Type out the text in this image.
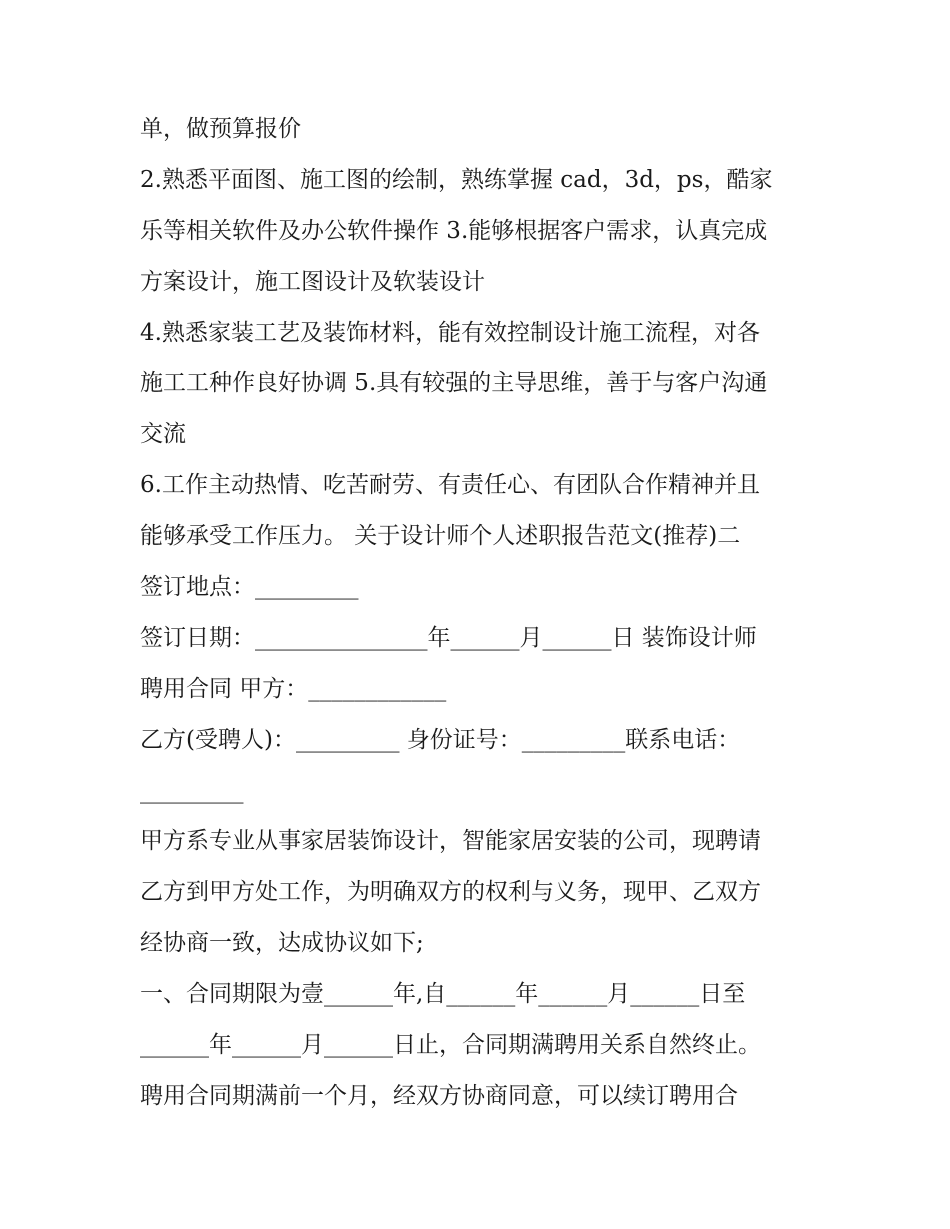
单，做预算报价
2.熟悉平面图、施工图的绘制，熟练掌握 cad，3d，ps，酷家
乐等相关软件及办公软件操作 3.能够根据客户需求，认真完成
方案设计，施工图设计及软装设计
4.熟悉家装工艺及装饰材料，能有效控制设计施工流程，对各
施工工种作良好协调 5.具有较强的主导思维，善于与客户沟通
交流
6.工作主动热情、吃苦耐劳、有责任心、有团队合作精神并且
能够承受工作压力。 关于设计师个人述职报告范文(推荐)二
签订地点：_________
签订日期：_______________年______月______日 装饰设计师
聘用合同 甲方：____________
乙方(受聘人)：_________ 身份证号：_________联系电话：
_________
甲方系专业从事家居装饰设计，智能家居安装的公司，现聘请
乙方到甲方处工作，为明确双方的权利与义务，现甲、乙双方
经协商一致，达成协议如下;
一、合同期限为壹______年,自______年______月______日至
______年______月______日止，合同期满聘用关系自然终止。
聘用合同期满前一个月，经双方协商同意，可以续订聘用合
